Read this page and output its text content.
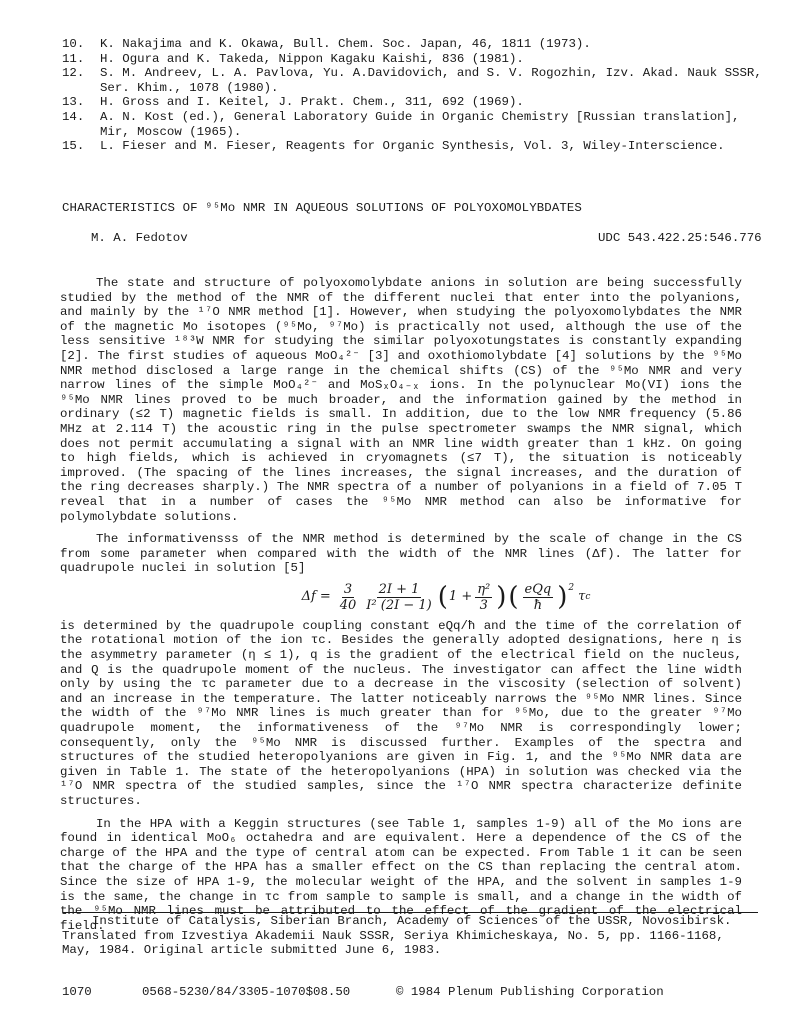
10.	K. Nakajima and K. Okawa, Bull. Chem. Soc. Japan, 46, 1811 (1973).
11.	H. Ogura and K. Takeda, Nippon Kagaku Kaishi, 836 (1981).
12.	S. M. Andreev, L. A. Pavlova, Yu. A.Davidovich, and S. V. Rogozhin, Izv. Akad. Nauk SSSR,
Ser. Khim., 1078 (1980).
13.	H. Gross and I. Keitel, J. Prakt. Chem., 311, 692 (1969).
14.	A. N. Kost (ed.), General Laboratory Guide in Organic Chemistry [Russian translation],
Mir, Moscow (1965).
15.	L. Fieser and M. Fieser, Reagents for Organic Synthesis, Vol. 3, Wiley-Interscience.
CHARACTERISTICS OF ⁹⁵Mo NMR IN AQUEOUS SOLUTIONS OF POLYOXOMOLYBDATES
M. A. Fedotov	UDC 543.422.25:546.776

The state and structure of polyoxomolybdate anions in solution are being successfully studied by the method of the NMR of the different nuclei that enter into the polyanions, and mainly by the ¹⁷O NMR method [1]. However, when studying the polyoxomolybdates the NMR of the magnetic Mo isotopes (⁹⁵Mo, ⁹⁷Mo) is practically not used, although the use of the less sensitive ¹⁸³W NMR for studying the similar polyoxotungstates is constantly expanding [2]. The first studies of aqueous MoO₄²⁻ [3] and oxothiomolybdate [4] solutions by the ⁹⁵Mo NMR method disclosed a large range in the chemical shifts (CS) of the ⁹⁵Mo NMR and very narrow lines of the simple MoO₄²⁻ and MoSₓO₄₋ₓ ions. In the polynuclear Mo(VI) ions the ⁹⁵Mo NMR lines proved to be much broader, and the information gained by the method in ordinary (≤2 T) magnetic fields is small. In addition, due to the low NMR frequency (5.86 MHz at 2.114 T) the acoustic ring in the pulse spectrometer swamps the NMR signal, which does not permit accumulating a signal with an NMR line width greater than 1 kHz. On going to high fields, which is achieved in cryomagnets (≤7 T), the situation is noticeably improved. (The spacing of the lines increases, the signal increases, and the duration of the ring decreases sharply.) The NMR spectra of a number of polyanions in a field of 7.05 T reveal that in a number of cases the ⁹⁵Mo NMR method can also be informative for polymolybdate solutions.

The informativensss of the NMR method is determined by the scale of change in the CS from some parameter when compared with the width of the NMR lines (Δf). The latter for quadrupole nuclei in solution [5]

$\Delta f = \frac{3}{40} \frac{2I + 1}{\text{I² (2I − 1)}}$ ( $1 + \frac{\text{η²}}{3}$ ) ( $\frac{\text{eQq}}{ħ}$ ) 2
τ c

is determined by the quadrupole coupling constant eQq/ħ and the time of the correlation of the rotational motion of the ion τc. Besides the generally adopted designations, here η is the asymmetry parameter (η ≤ 1), q is the gradient of the electrical field on the nucleus, and Q is the quadrupole moment of the nucleus. The investigator can affect the line width only by using the τc parameter due to a decrease in the viscosity (selection of solvent) and an increase in the temperature. The latter noticeably narrows the ⁹⁵Mo NMR lines. Since the width of the ⁹⁷Mo NMR lines is much greater than for ⁹⁵Mo, due to the greater ⁹⁷Mo quadrupole moment, the informativeness of the ⁹⁷Mo NMR is correspondingly lower; consequently, only the ⁹⁵Mo NMR is discussed further. Examples of the spectra and structures of the studied heteropolyanions are given in Fig. 1, and the ⁹⁵Mo NMR data are given in Table 1. The state of the heteropolyanions (HPA) in solution was checked via the ¹⁷O NMR spectra of the studied samples, since the ¹⁷O NMR spectra characterize definite structures.

In the HPA with a Keggin structures (see Table 1, samples 1-9) all of the Mo ions are found in identical MoO₆ octahedra and are equivalent. Here a dependence of the CS of the charge of the HPA and the type of central atom can be expected. From Table 1 it can be seen that the charge of the HPA has a smaller effect on the CS than replacing the central atom. Since the size of HPA 1-9, the molecular weight of the HPA, and the solvent in samples 1-9 is the same, the change in τc from sample to sample is small, and a change in the width of the ⁹⁵Mo NMR lines must be attributed to the effect of the gradient of the electrical field.

Institute of Catalysis, Siberian Branch, Academy of Sciences of the USSR, Novosibirsk.

Translated from Izvestiya Akademii Nauk SSSR, Seriya Khimicheskaya, No. 5, pp. 1166-1168,

May, 1984. Original article submitted June 6, 1983.

1070	0568-5230/84/3305-1070$08.50	© 1984 Plenum Publishing Corporation
